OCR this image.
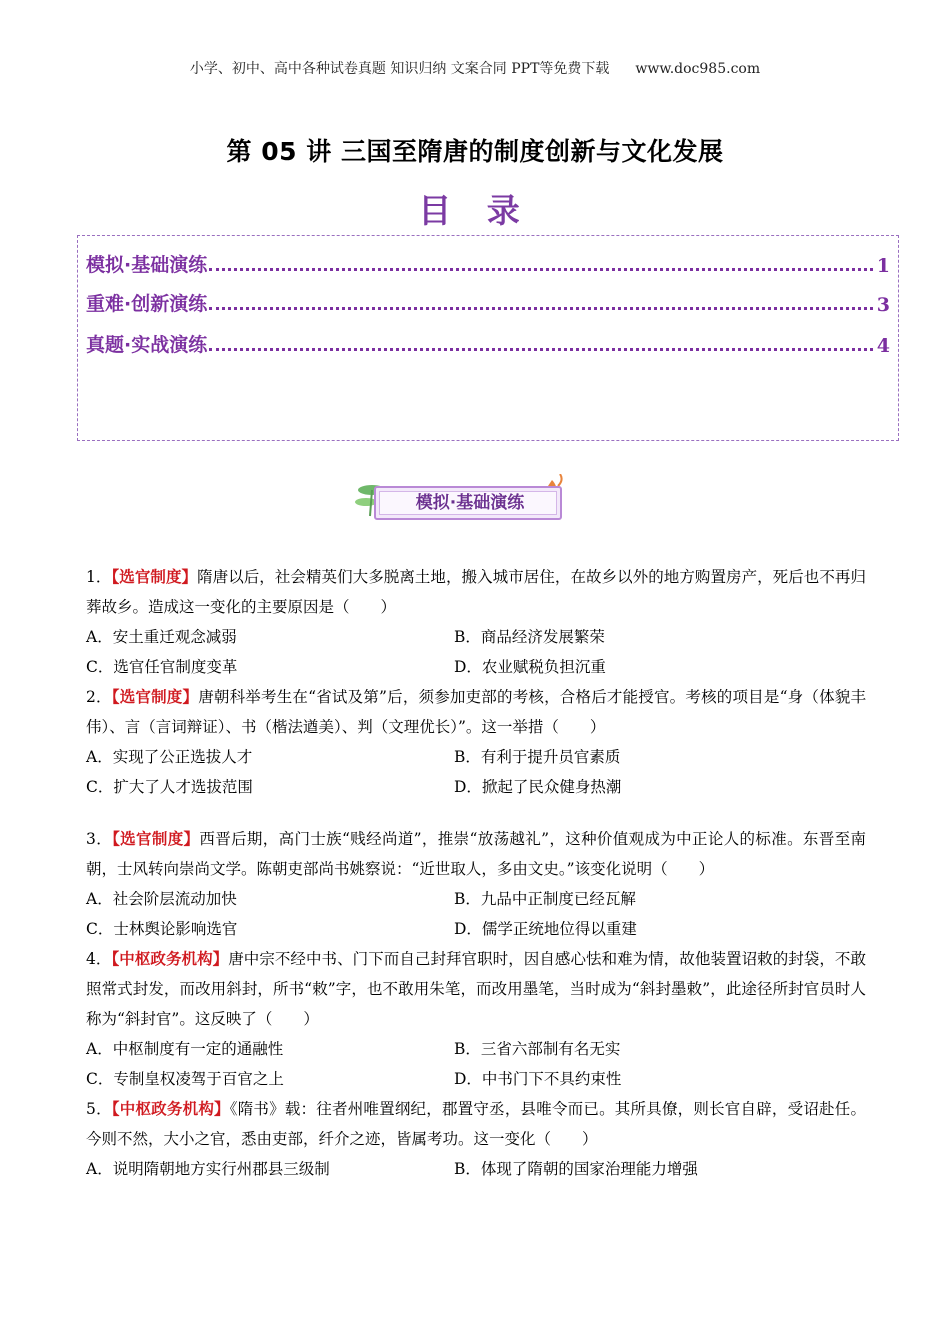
小学、初中、高中各种试卷真题 知识归纳 文案合同 PPT等免费下载 www.doc985.com
第 05 讲 三国至隋唐的制度创新与文化发展
目 录
模拟·基础演练	1
重难·创新演练	3
真题·实战演练	4
模拟·基础演练

1．【选官制度】隋唐以后，社会精英们大多脱离土地，搬入城市居住，在故乡以外的地方购置房产，死后也不再归葬故乡。造成这一变化的主要原因是（　　）

A．安土重迁观念减弱	B．商品经济发展繁荣
C．选官任官制度变革	D．农业赋税负担沉重

2．【选官制度】唐朝科举考生在“省试及第”后，须参加吏部的考核，合格后才能授官。考核的项目是“身（体貌丰伟）、言（言词辩证）、书（楷法遒美）、判（文理优长）”。这一举措（　　）

A．实现了公正选拔人才	B．有利于提升员官素质
C．扩大了人才选拔范围	D．掀起了民众健身热潮

3．【选官制度】西晋后期，高门士族“贱经尚道”，推崇“放荡越礼”，这种价值观成为中正论人的标准。东晋至南朝，士风转向崇尚文学。陈朝吏部尚书姚察说：“近世取人，多由文史。”该变化说明（　　）

A．社会阶层流动加快	B．九品中正制度已经瓦解
C．士林舆论影响选官	D．儒学正统地位得以重建

4．【中枢政务机构】唐中宗不经中书、门下而自己封拜官职时，因自感心怯和难为情，故他装置诏敕的封袋，不敢照常式封发，而改用斜封，所书“敕”字，也不敢用朱笔，而改用墨笔，当时成为“斜封墨敕”，此途径所封官员时人称为“斜封官”。这反映了（　　）

A．中枢制度有一定的通融性	B．三省六部制有名无实
C．专制皇权凌驾于百官之上	D．中书门下不具约束性

5．【中枢政务机构】《隋书》载：往者州唯置纲纪，郡置守丞，县唯令而已。其所具僚，则长官自辟，受诏赴任。今则不然，大小之官，悉由吏部，纤介之迹，皆属考功。这一变化（　　）

A．说明隋朝地方实行州郡县三级制	B．体现了隋朝的国家治理能力增强
